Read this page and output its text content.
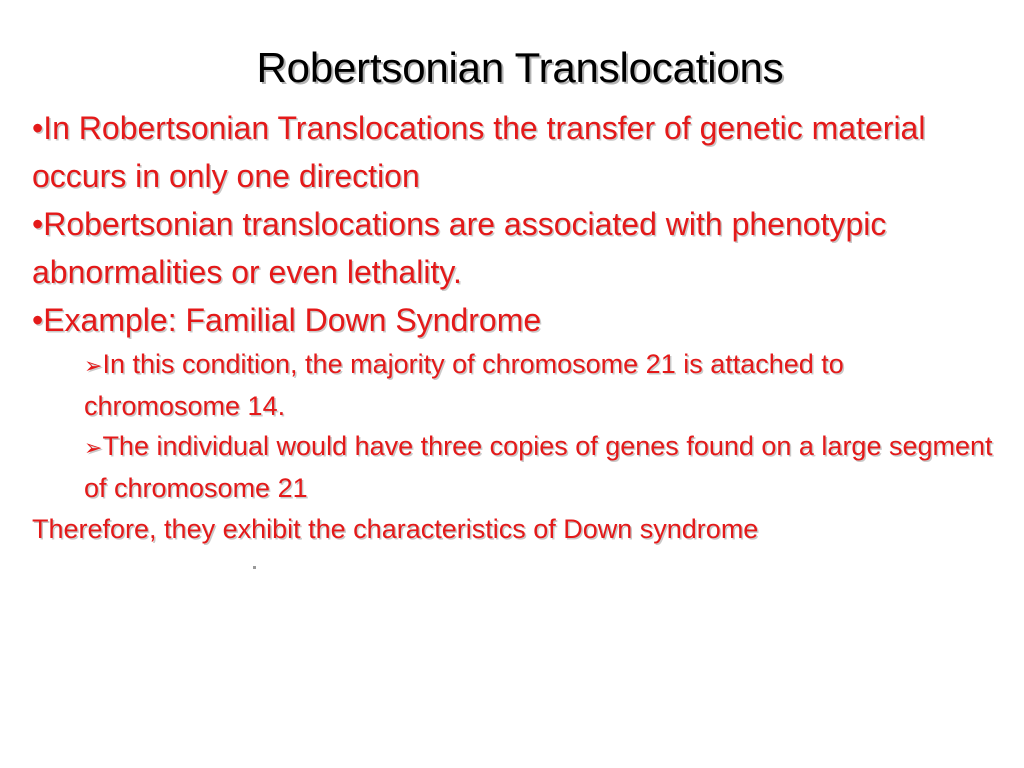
Robertsonian Translocations

•In Robertsonian Translocations the transfer of genetic material occurs in only one direction

•Robertsonian translocations are associated with phenotypic abnormalities or even lethality.

•Example: Familial Down Syndrome

➢In this condition, the majority of chromosome 21 is attached to chromosome 14.

➢The individual would have three copies of genes found on a large segment of chromosome 21

Therefore, they exhibit the characteristics of Down syndrome
